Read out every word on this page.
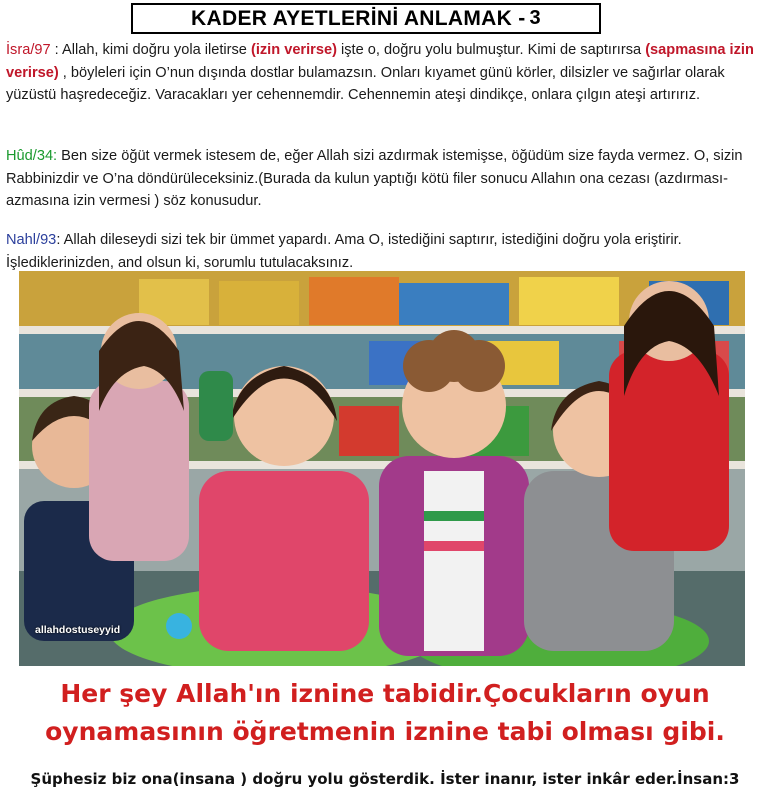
KADER AYETLERİNİ ANLAMAK - 3

İsra/97 : Allah, kimi doğru yola iletirse (izin verirse) işte o, doğru yolu bulmuştur. Kimi de saptırırsa (sapmasına izin verirse) , böyleleri için O’nun dışında dostlar bulamazsın. Onları kıyamet günü körler, dilsizler ve sağırlar olarak yüzüstü haşredeceğiz. Varacakları yer cehennemdir. Cehennemin ateşi dindikçe, onlara çılgın ateşi artırırız.

Hûd/34: Ben size öğüt vermek istesem de, eğer Allah sizi azdırmak istemişse, öğüdüm size fayda vermez. O, sizin Rabbinizdir ve O’na döndürüleceksiniz.(Burada da kulun yaptığı kötü filer sonucu Allahın ona cezası (azdırması-azmasına izin vermesi ) söz konusudur.

Nahl/93: Allah dileseydi sizi tek bir ümmet yapardı. Ama O, istediğini saptırır, istediğini doğru yola eriştirir. İşlediklerinizden, and olsun ki, sorumlu tutulacaksınız.

allahdostuseyyid
Her şey Allah'ın iznine tabidir.Çocukların oyun
oynamasının öğretmenin iznine tabi olması gibi.
Şüphesiz biz ona(insana ) doğru yolu gösterdik. İster inanır, ister inkâr eder.İnsan:3
